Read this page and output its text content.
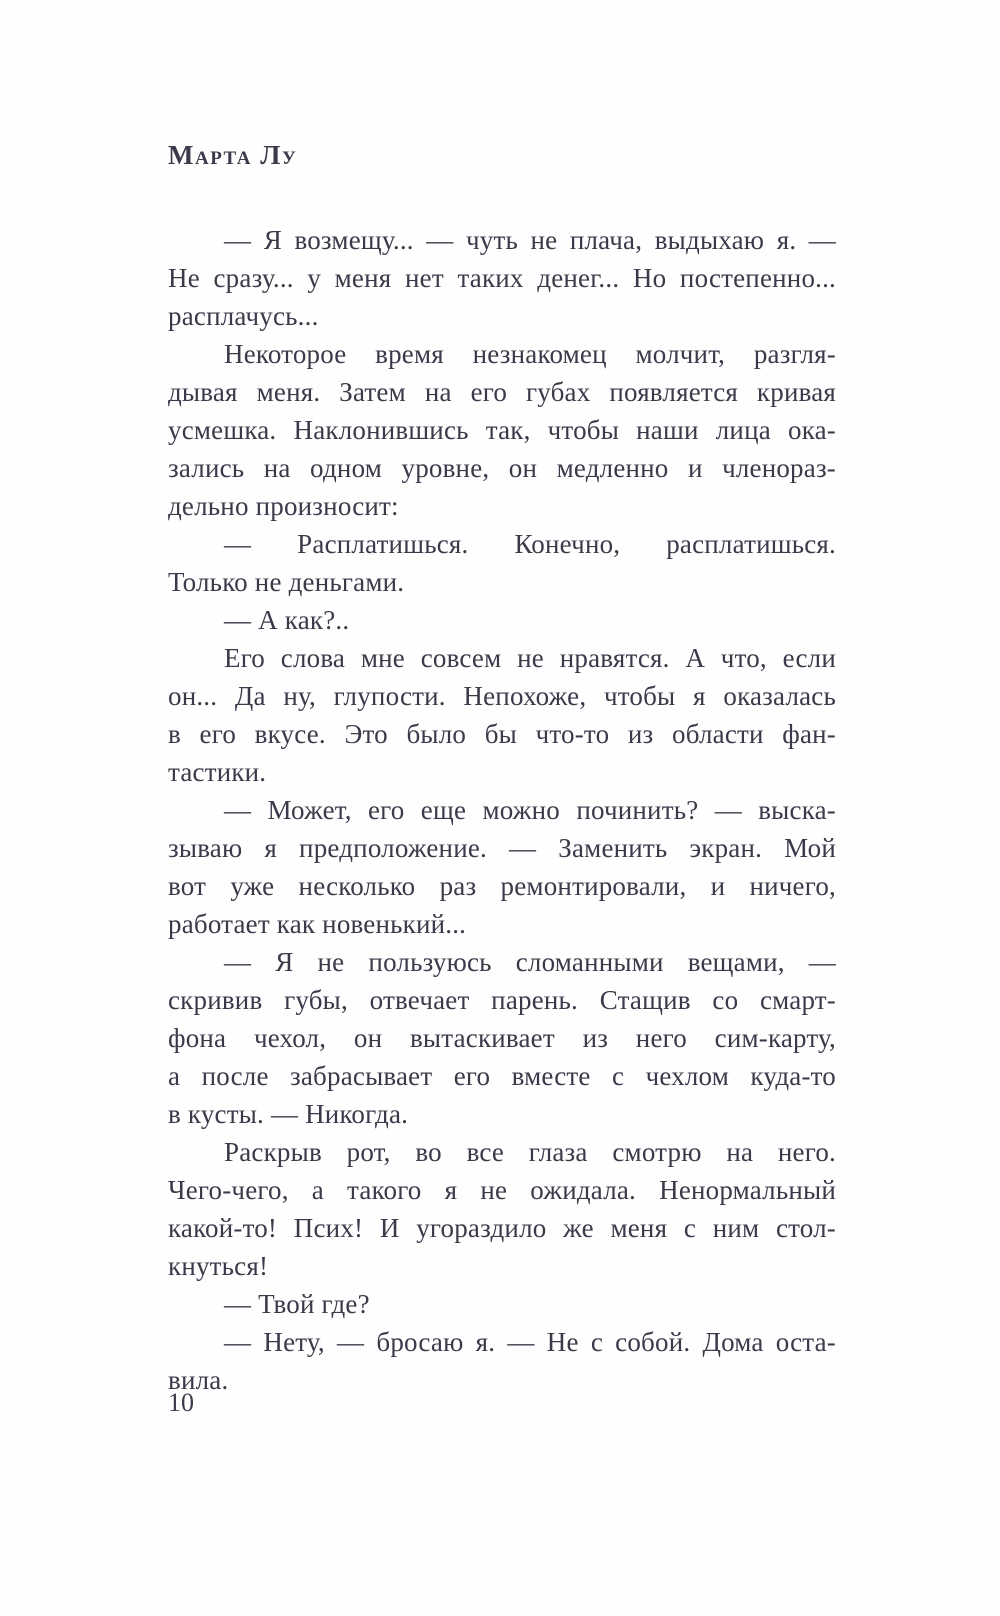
Марта Лу
— Я возмещу... — чуть не плача, выдыхаю я. —
Не сразу... у меня нет таких денег... Но постепенно...
расплачусь...
Некоторое время незнакомец молчит, разгля-
дывая меня. Затем на его губах появляется кривая
усмешка. Наклонившись так, чтобы наши лица ока-
зались на одном уровне, он медленно и членораз-
дельно произносит:
— Расплатишься. Конечно, расплатишься.
Только не деньгами.
— А как?..
Его слова мне совсем не нравятся. А что, если
он... Да ну, глупости. Непохоже, чтобы я оказалась
в его вкусе. Это было бы что-то из области фан-
тастики.
— Может, его еще можно починить? — выска-
зываю я предположение. — Заменить экран. Мой
вот уже несколько раз ремонтировали, и ничего,
работает как новенький...
— Я не пользуюсь сломанными вещами, —
скривив губы, отвечает парень. Стащив со смарт-
фона чехол, он вытаскивает из него сим-карту,
а после забрасывает его вместе с чехлом куда-то
в кусты. — Никогда.
Раскрыв рот, во все глаза смотрю на него.
Чего-чего, а такого я не ожидала. Ненормальный
какой-то! Псих! И угораздило же меня с ним стол-
кнуться!
— Твой где?
— Нету, — бросаю я. — Не с собой. Дома оста-
вила.
10
